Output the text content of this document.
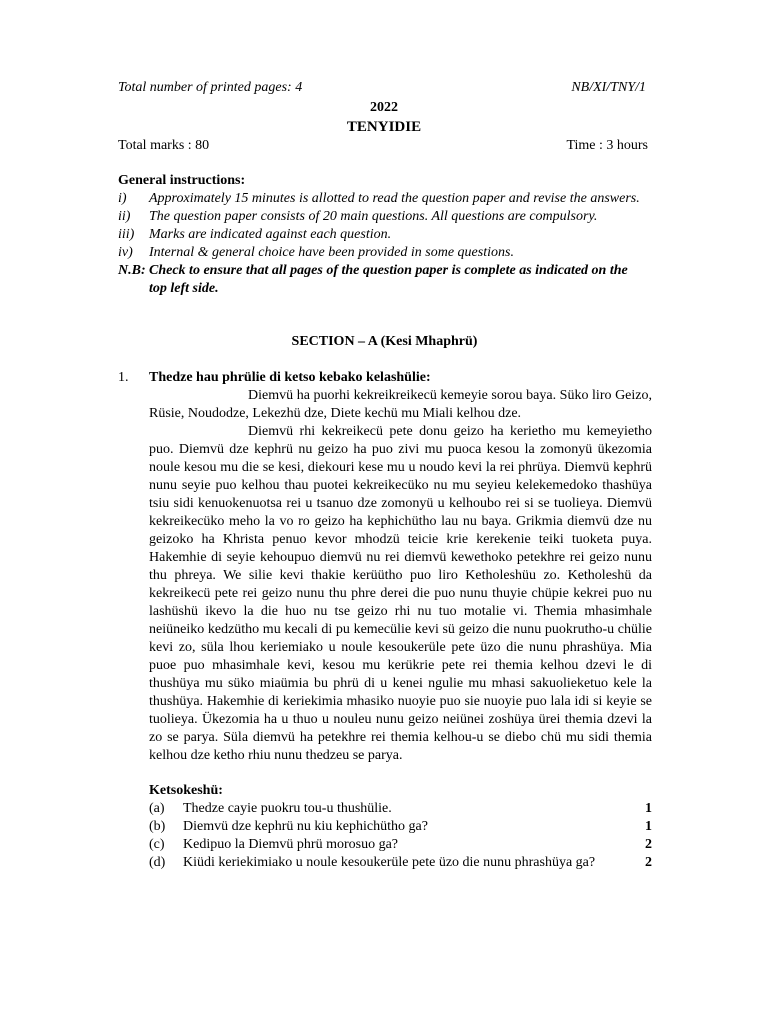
Total number of printed pages: 4	NB/XI/TNY/1
2022
TENYIDIE
Total marks : 80	Time : 3 hours
General instructions:
i)	Approximately 15 minutes is allotted to read the question paper and revise the answers.
ii)	The question paper consists of 20 main questions. All questions are compulsory.
iii)	Marks are indicated against each question.
iv)	Internal & general choice have been provided in some questions.
N.B: Check to ensure that all pages of the question paper is complete as indicated on the top left side.
SECTION – A (Kesi Mhaphrü)
1.	Thedze hau phrülie di ketso kebako kelashülie:

Diemvü ha puorhi kekreikreikecü kemeyie sorou baya. Süko liro Geizo, Rüsie, Noudodze, Lekezhü dze, Diete kechü mu Miali kelhou dze.

Diemvü rhi kekreikecü pete donu geizo ha kerietho mu kemeyietho puo. Diemvü dze kephrü nu geizo ha puo zivi mu puoca kesou la zomonyü ükezomia noule kesou mu die se kesi, diekouri kese mu u noudo kevi la rei phrüya. Diemvü kephrü nunu seyie puo kelhou thau puotei kekreikecüko nu mu seyieu kelekemedoko thashüya tsiu sidi kenuokenuotsa rei u tsanuo dze zomonyü u kelhoubo rei si se tuolieya. Diemvü kekreikecüko meho la vo ro geizo ha kephichütho lau nu baya. Grikmia diemvü dze nu geizoko ha Khrista penuo kevor mhodzü teicie krie kerekenie teiki tuoketa puya. Hakemhie di seyie kehoupuo diemvü nu rei diemvü kewethoko petekhre rei geizo nunu thu phreya. We silie kevi thakie kerüütho puo liro Ketholeshüu zo. Ketholeshü da kekreikecü pete rei geizo nunu thu phre derei die puo nunu thuyie chüpie kekrei puo nu lashüshü ikevo la die huo nu tse geizo rhi nu tuo motalie vi. Themia mhasimhale neiüneiko kedzütho mu kecali di pu kemecülie kevi sü geizo die nunu puokrutho-u chülie kevi zo, süla lhou keriemiako u noule kesoukerüle pete üzo die nunu phrashüya. Mia puoe puo mhasimhale kevi, kesou mu kerükrie pete rei themia kelhou dzevi le di thushüya mu süko miaümia bu phrü di u kenei ngulie mu mhasi sakuolieketuo kele la thushüya. Hakemhie di keriekimia mhasiko nuoyie puo sie nuoyie puo lala idi si keyie se tuolieya. Ükezomia ha u thuo u nouleu nunu geizo neiünei zoshüya ürei themia dzevi la zo se parya. Süla diemvü ha petekhre rei themia kelhou-u se diebo chü mu sidi themia kelhou dze ketho rhiu nunu thedzeu se parya.

Ketsokeshü:
(a)	Thedze cayie puokru tou-u thushülie.	1
(b)	Diemvü dze kephrü nu kiu kephichütho ga?	1
(c)	Kedipuo la Diemvü phrü morosuo ga?	2
(d)	Kiüdi keriekimiako u noule kesoukerüle pete üzo die nunu phrashüya ga?	2
